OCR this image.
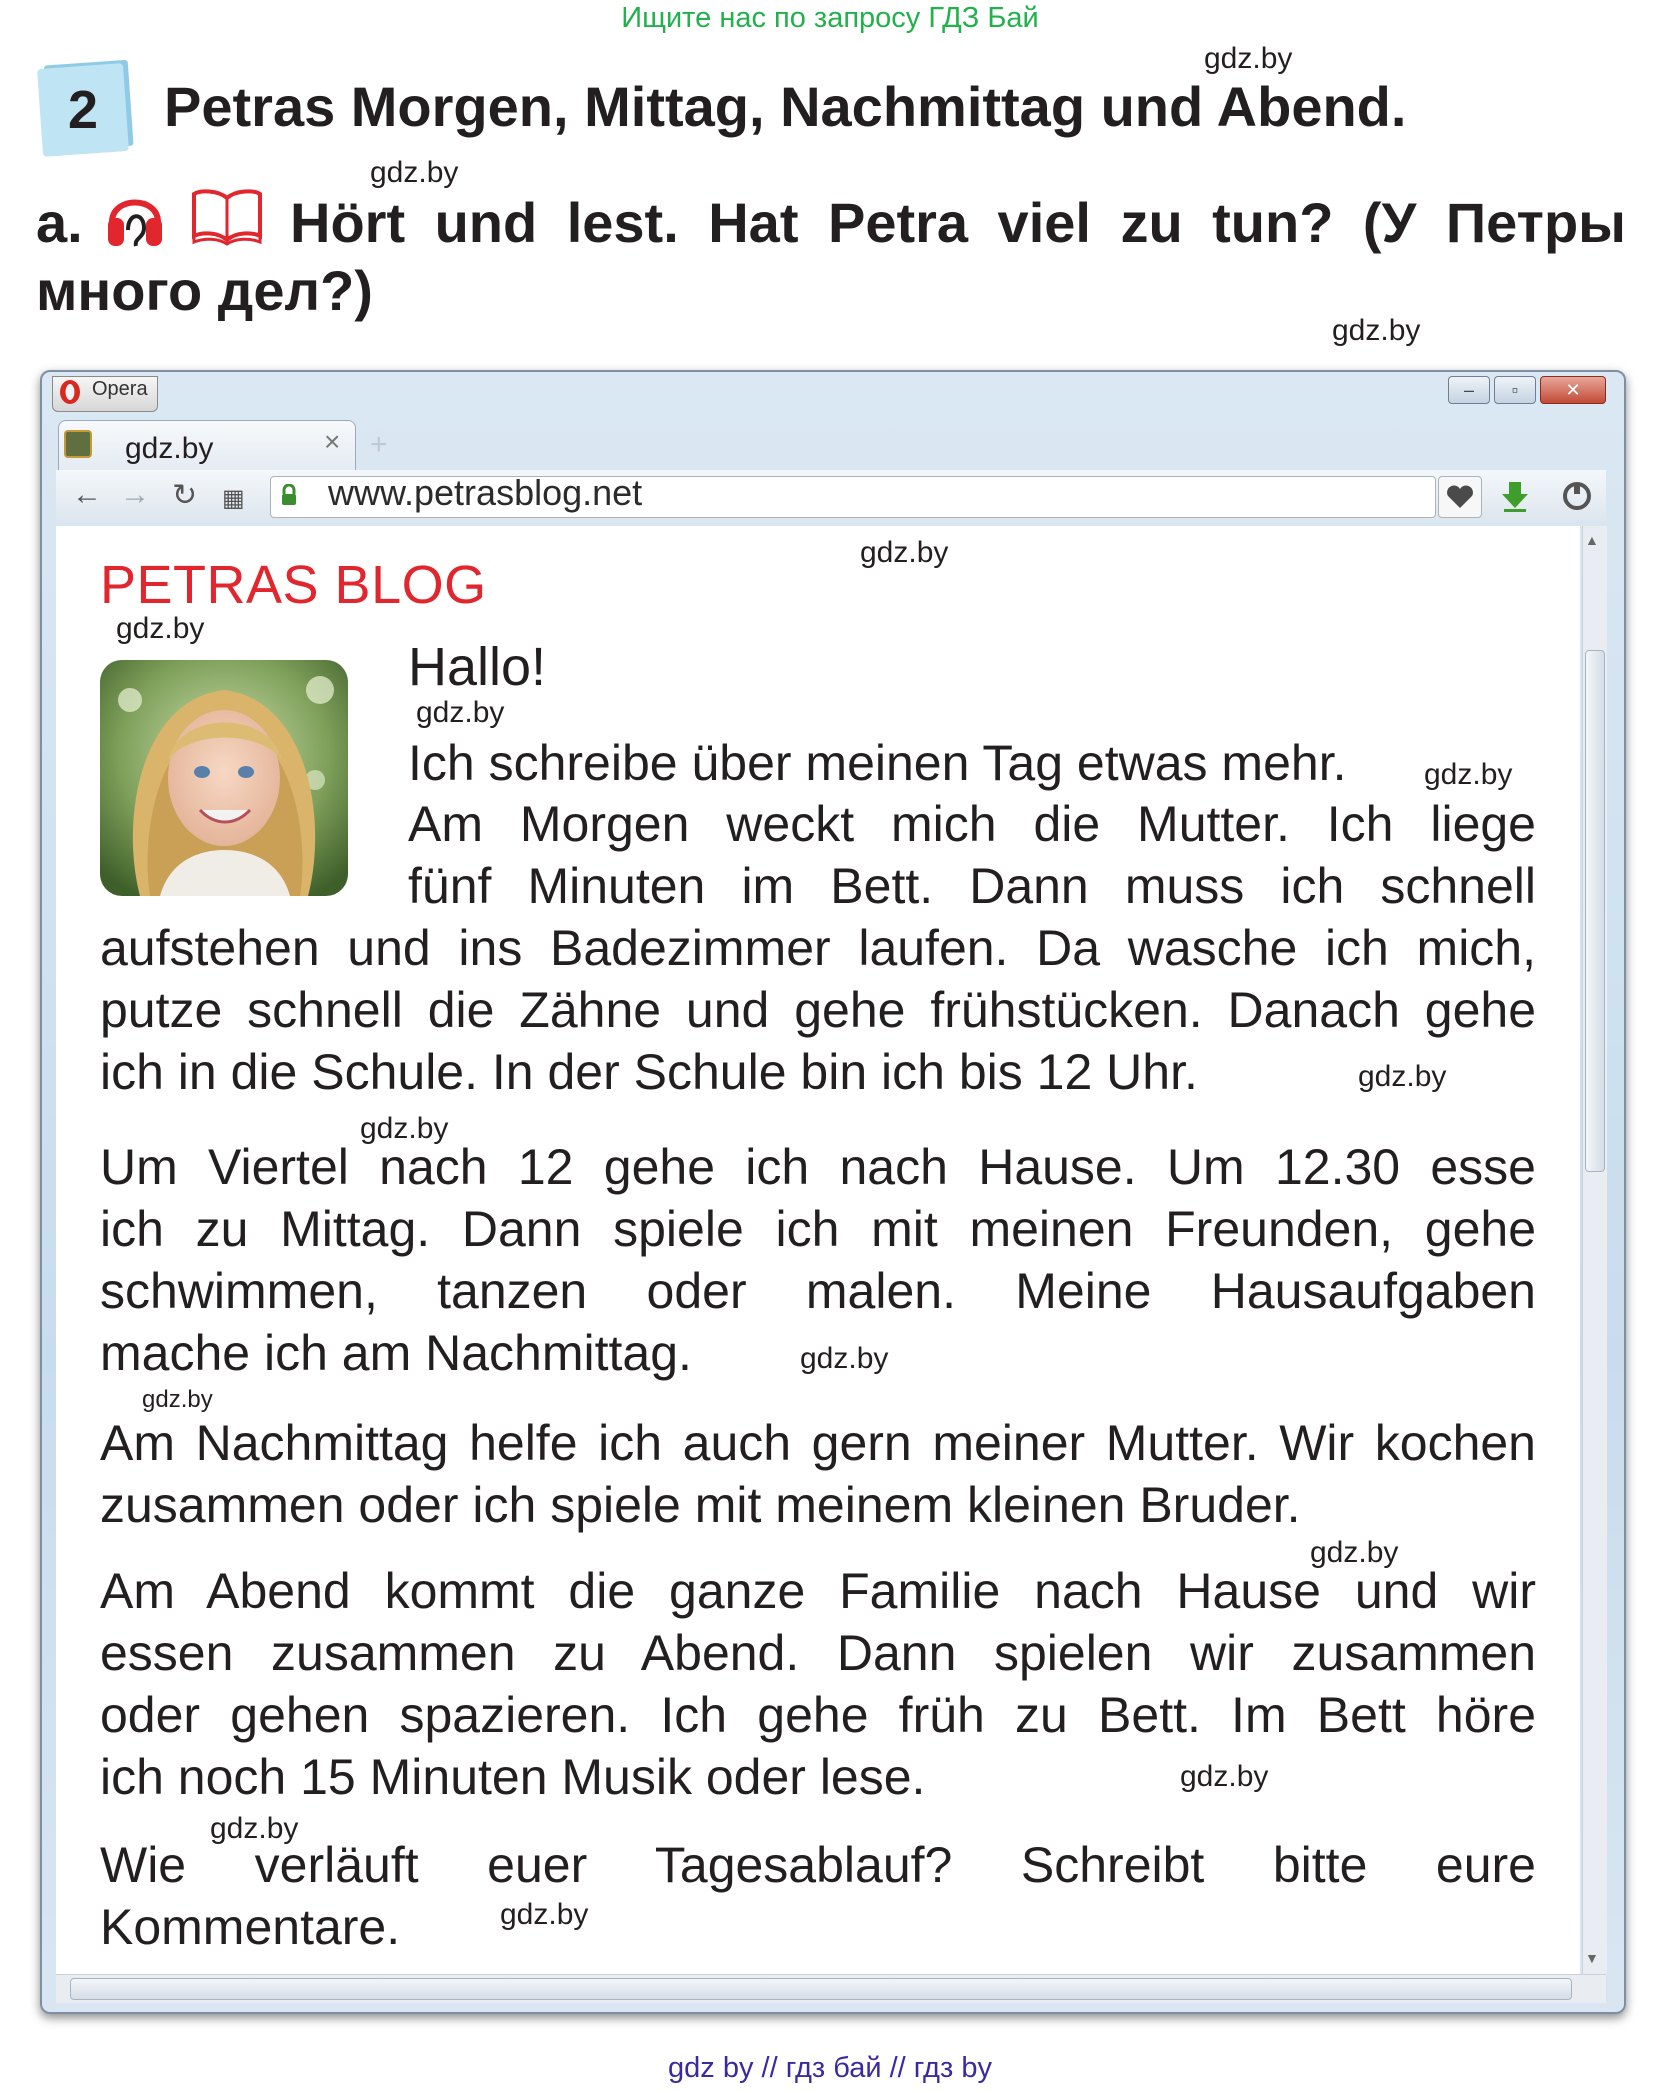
Ищите нас по запросу ГДЗ Бай
2	Petras Morgen, Mittag, Nachmittag und Abend.
a.	Hört und lest. Hat Petra viel zu tun? (У Петры
много дел?)
gdz.by
gdz.by
gdz.by
Opera	‒	▫	✕
gdz.by	× +
← → ↻ ▦ www.petrasblog.net
▲
▼
PETRAS BLOG
Hallo!
Ich schreibe über meinen Tag etwas mehr.
Am Morgen weckt mich die Mutter. Ich liege
fünf Minuten im Bett. Dann muss ich schnell
aufstehen und ins Badezimmer laufen. Da wasche ich mich,
putze schnell die Zähne und gehe frühstücken. Danach gehe
ich in die Schule. In der Schule bin ich bis 12 Uhr.
Um Viertel nach 12 gehe ich nach Hause. Um 12.30 esse
ich zu Mittag. Dann spiele ich mit meinen Freunden, gehe
schwimmen, tanzen oder malen. Meine Hausaufgaben
mache ich am Nachmittag.
Am Nachmittag helfe ich auch gern meiner Mutter. Wir kochen
zusammen oder ich spiele mit meinem kleinen Bruder.
Am Abend kommt die ganze Familie nach Hause und wir
essen zusammen zu Abend. Dann spielen wir zusammen
oder gehen spazieren. Ich gehe früh zu Bett. Im Bett höre
ich noch 15 Minuten Musik oder lese.
Wie verläuft euer Tagesablauf? Schreibt bitte eure
Kommentare.
gdz.by
gdz.by
gdz.by
gdz.by
gdz.by
gdz.by
gdz.by
gdz.by
gdz.by
gdz.by
gdz.by
gdz.by
gdz by // гдз бай // гдз by
